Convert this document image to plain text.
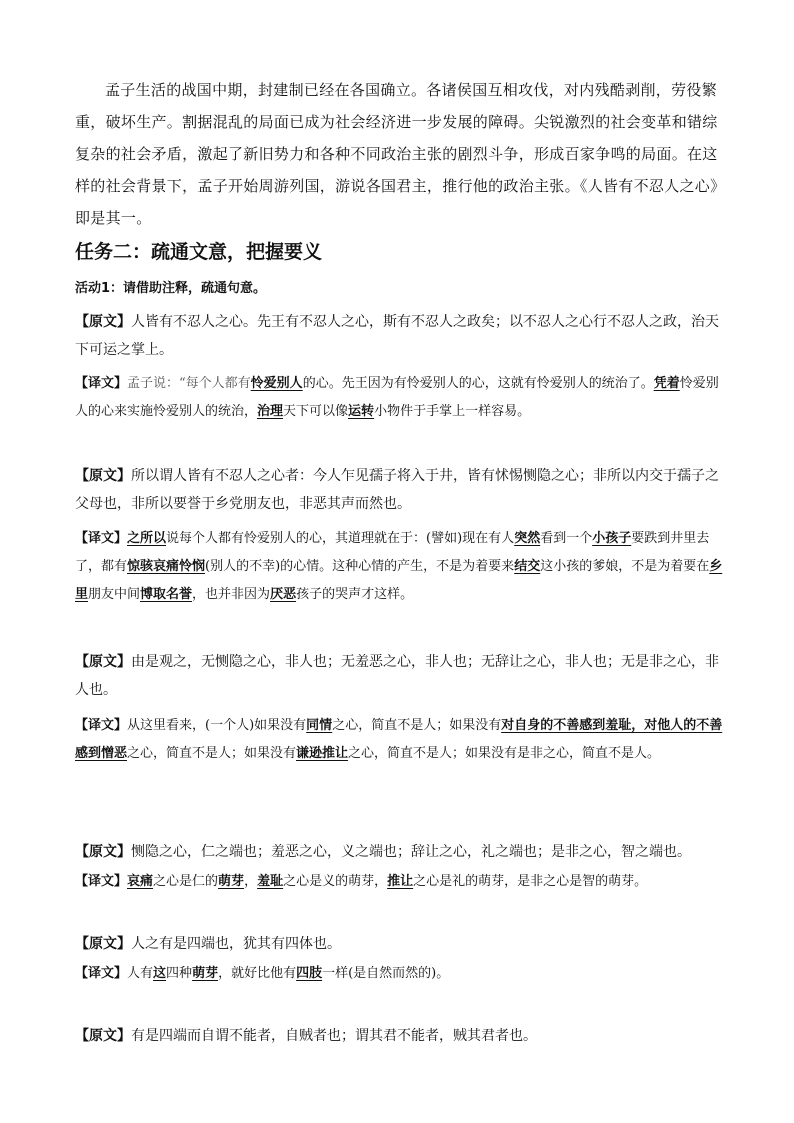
孟子生活的战国中期，封建制已经在各国确立。各诸侯国互相攻伐，对内残酷剥削，劳役繁重，破坏生产。割据混乱的局面已成为社会经济进一步发展的障碍。尖锐激烈的社会变革和错综复杂的社会矛盾，激起了新旧势力和各种不同政治主张的剧烈斗争，形成百家争鸣的局面。在这样的社会背景下，孟子开始周游列国，游说各国君主，推行他的政治主张。《人皆有不忍人之心》即是其一。
任务二：疏通文意，把握要义
活动1：请借助注释，疏通句意。
【原文】人皆有不忍人之心。先王有不忍人之心，斯有不忍人之政矣；以不忍人之心行不忍人之政，治天下可运之掌上。
【译文】孟子说：“每个人都有怜爱别人的心。先王因为有怜爱别人的心，这就有怜爱别人的统治了。凭着怜爱别人的心来实施怜爱别人的统治，治理天下可以像运转小物件于手掌上一样容易。
【原文】所以谓人皆有不忍人之心者：今人乍见孺子将入于井，皆有怵惕恻隐之心；非所以内交于孺子之父母也，非所以要誉于乡党朋友也，非恶其声而然也。
【译文】之所以说每个人都有怜爱别人的心，其道理就在于：(譬如)现在有人突然看到一个小孩子要跌到井里去了，都有惊骇哀痛怜悯(别人的不幸)的心情。这种心情的产生，不是为着要来结交这小孩的爹娘，不是为着要在乡里朋友中间博取名誉，也并非因为厌恶孩子的哭声才这样。
【原文】由是观之，无恻隐之心，非人也；无羞恶之心，非人也；无辞让之心，非人也；无是非之心，非人也。
【译文】从这里看来，(一个人)如果没有同情之心，简直不是人；如果没有对自身的不善感到羞耻，对他人的不善感到憎恶之心，简直不是人；如果没有谦逊推让之心，简直不是人；如果没有是非之心，简直不是人。
【原文】恻隐之心，仁之端也；羞恶之心，义之端也；辞让之心，礼之端也；是非之心，智之端也。
【译文】哀痛之心是仁的萌芽，羞耻之心是义的萌芽，推让之心是礼的萌芽，是非之心是智的萌芽。
【原文】人之有是四端也，犹其有四体也。
【译文】人有这四种萌芽，就好比他有四肢一样(是自然而然的)。
【原文】有是四端而自谓不能者，自贼者也；谓其君不能者，贼其君者也。
